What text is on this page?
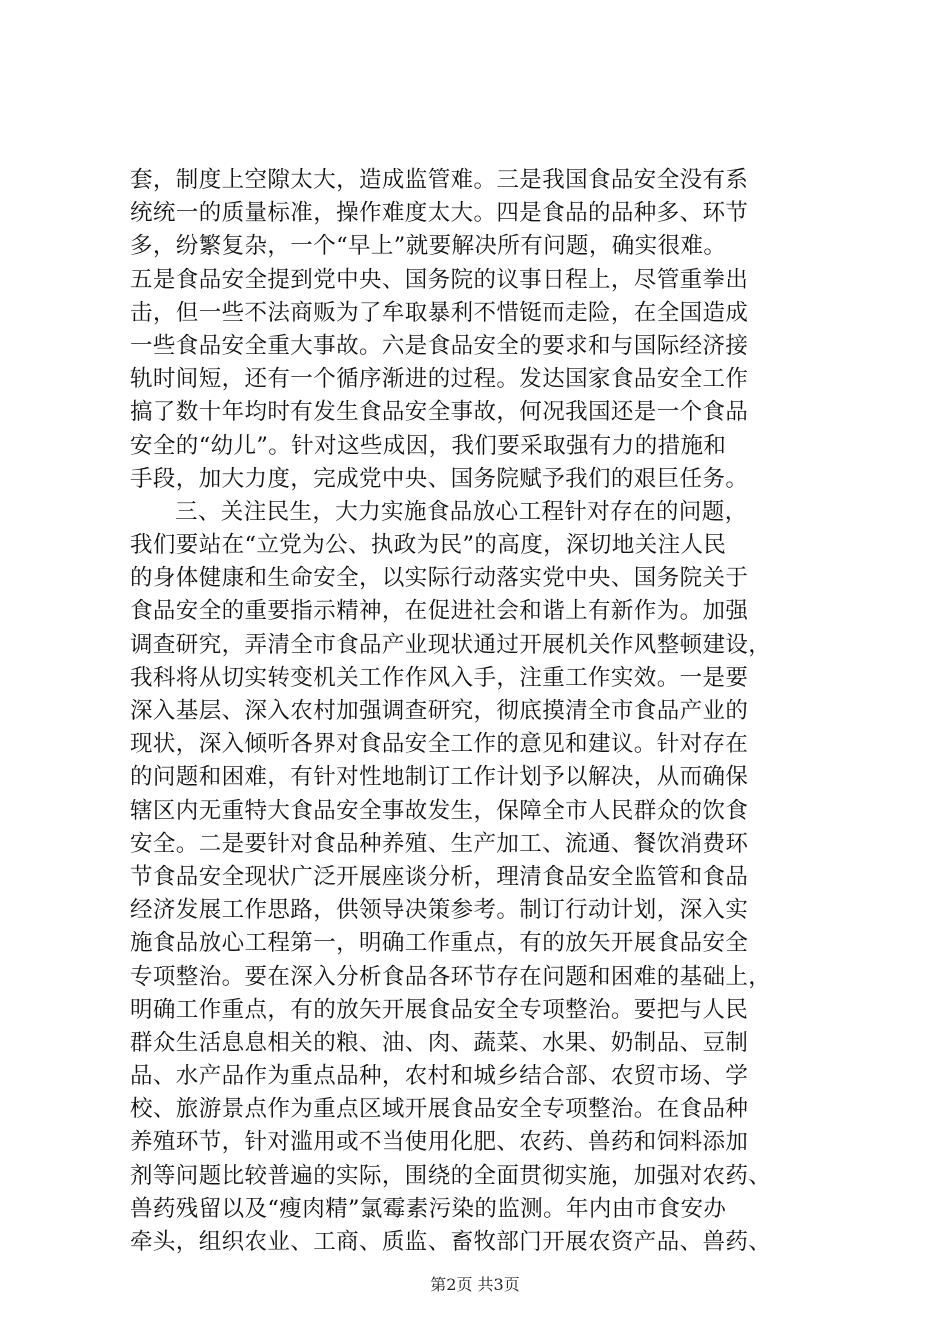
套，制度上空隙太大，造成监管难。三是我国食品安全没有系
统统一的质量标准，操作难度太大。四是食品的品种多、环节
多，纷繁复杂，一个“早上”就要解决所有问题，确实很难。
五是食品安全提到党中央、国务院的议事日程上，尽管重拳出
击，但一些不法商贩为了牟取暴利不惜铤而走险，在全国造成
一些食品安全重大事故。六是食品安全的要求和与国际经济接
轨时间短，还有一个循序渐进的过程。发达国家食品安全工作
搞了数十年均时有发生食品安全事故，何况我国还是一个食品
安全的“幼儿”。针对这些成因，我们要采取强有力的措施和
手段，加大力度，完成党中央、国务院赋予我们的艰巨任务。
三、关注民生，大力实施食品放心工程针对存在的问题，
我们要站在“立党为公、执政为民”的高度，深切地关注人民
的身体健康和生命安全，以实际行动落实党中央、国务院关于
食品安全的重要指示精神，在促进社会和谐上有新作为。加强
调查研究，弄清全市食品产业现状通过开展机关作风整顿建设，
我科将从切实转变机关工作作风入手，注重工作实效。一是要
深入基层、深入农村加强调查研究，彻底摸清全市食品产业的
现状，深入倾听各界对食品安全工作的意见和建议。针对存在
的问题和困难，有针对性地制订工作计划予以解决，从而确保
辖区内无重特大食品安全事故发生，保障全市人民群众的饮食
安全。二是要针对食品种养殖、生产加工、流通、餐饮消费环
节食品安全现状广泛开展座谈分析，理清食品安全监管和食品
经济发展工作思路，供领导决策参考。制订行动计划，深入实
施食品放心工程第一，明确工作重点，有的放矢开展食品安全
专项整治。要在深入分析食品各环节存在问题和困难的基础上，
明确工作重点，有的放矢开展食品安全专项整治。要把与人民
群众生活息息相关的粮、油、肉、蔬菜、水果、奶制品、豆制
品、水产品作为重点品种，农村和城乡结合部、农贸市场、学
校、旅游景点作为重点区域开展食品安全专项整治。在食品种
养殖环节，针对滥用或不当使用化肥、农药、兽药和饲料添加
剂等问题比较普遍的实际，围绕的全面贯彻实施，加强对农药、
兽药残留以及“瘦肉精”氯霉素污染的监测。年内由市食安办
牵头，组织农业、工商、质监、畜牧部门开展农资产品、兽药、
第2页 共3页
